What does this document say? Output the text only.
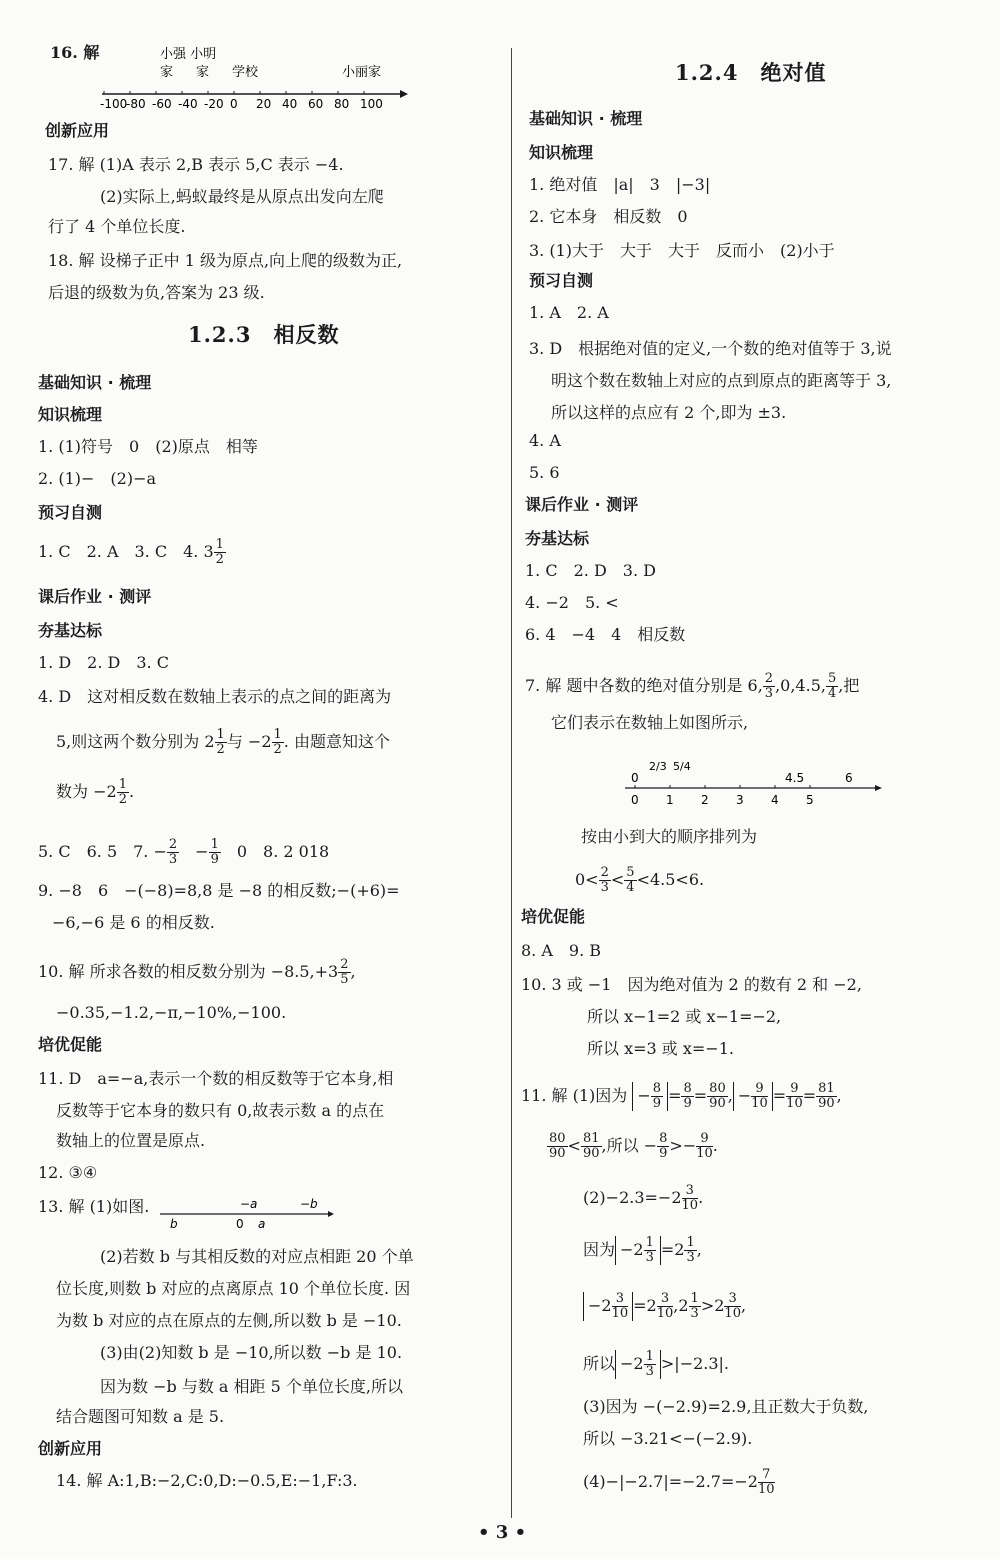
16. 解	小强 小明
家 家 学校	小丽家
-100
-80 -60 -40 -20 0 20 40 60 80 100
创新应用
17. 解 (1)A 表示 2,B 表示 5,C 表示 −4.
(2)实际上,蚂蚁最终是从原点出发向左爬
行了 4 个单位长度.
18. 解 设梯子正中 1 级为原点,向上爬的级数为正,
后退的级数为负,答案为 23 级.
1.2.3　相反数
基础知识 · 梳理
知识梳理
1. (1)符号　0　(2)原点　相等
2. (1)−　(2)−a
预习自测
1. C　2. A　3. C　4. $3 \frac{1}{2}$
课后作业 · 测评
夯基达标
1. D　2. D　3. C
4. D　这对相反数在数轴上表示的点之间的距离为
5,则这两个数分别为 $2 \frac{1}{2}$ 与 $-2 \frac{1}{2}$ . 由题意知这个
数为 $-2 \frac{1}{2}$ .
5. C　6. 5　7. − $\frac{2}{3}$ 　− $\frac{1}{9}$ 　0　8. 2 018
9. −8　6　−(−8)=8,8 是 −8 的相反数;−(+6)=
−6,−6 是 6 的相反数.
10. 解 所求各数的相反数分别为 $-8.5,+3 \frac{2}{5}$ ,
−0.35,−1.2,−π,−10%,−100.
培优促能
11. D　a=−a,表示一个数的相反数等于它本身,相
反数等于它本身的数只有 0,故表示数 a 的点在
数轴上的位置是原点.
12. ③④
13. 解 (1)如图.	−a	−b
b	0 a
(2)若数 b 与其相反数的对应点相距 20 个单
位长度,则数 b 对应的点离原点 10 个单位长度. 因
为数 b 对应的点在原点的左侧,所以数 b 是 −10.
(3)由(2)知数 b 是 −10,所以数 −b 是 10.
因为数 −b 与数 a 相距 5 个单位长度,所以
结合题图可知数 a 是 5.
创新应用
14. 解 A:1,B:−2,C:0,D:−0.5,E:−1,F:3.
1.2.4　绝对值
基础知识 · 梳理
知识梳理
1. 绝对值　|a|　3　|−3|
2. 它本身　相反数　0
3. (1)大于　大于　大于　反而小　(2)小于
预习自测
1. A　2. A
3. D　根据绝对值的定义,一个数的绝对值等于 3,说
明这个数在数轴上对应的点到原点的距离等于 3,
所以这样的点应有 2 个,即为 ±3.
4. A
5. 6
课后作业 · 测评
夯基达标
1. C　2. D　3. D
4. −2　5. <
6. 4　−4　4　相反数
7. 解 题中各数的绝对值分别是 6, $\frac{2}{3} ,0,4.5$, $\frac{5}{4}$ ,把
它们表示在数轴上如图所示,
0
2/3 5/4
4.5	6
0 1 2 3 4 5
按由小到大的顺序排列为
$0< \frac{2}{3} < \frac{5}{4} <4.5<6$.
培优促能
8. A　9. B
10. 3 或 −1　因为绝对值为 2 的数有 2 和 −2,
所以 x−1=2 或 x−1=−2,
所以 x=3 或 x=−1.
11. 解 (1)因为 − $\frac{8}{9} = \frac{8}{9} = \frac{80}{90}$ , − $\frac{9}{10} = \frac{9}{10} = \frac{81}{90}$ ,
$\frac{80}{90} < \frac{81}{90}$ ,所以 − $\frac{8}{9} >- \frac{9}{10}$ .
$(2)-2.3=-2 \frac{3}{10}$ .
因为 $-2 \frac{1}{3} =2 \frac{1}{3}$ ,
$-2 \frac{3}{10} =2 \frac{3}{10} ,2 \frac{1}{3} >2 \frac{3}{10}$ ,
所以 $-2 \frac{1}{3} >|-2.3|$.
(3)因为 −(−2.9)=2.9,且正数大于负数,
所以 −3.21<−(−2.9).
$(4)-|-2.7|=-2.7=-2 \frac{7}{10}$
• 3 •
